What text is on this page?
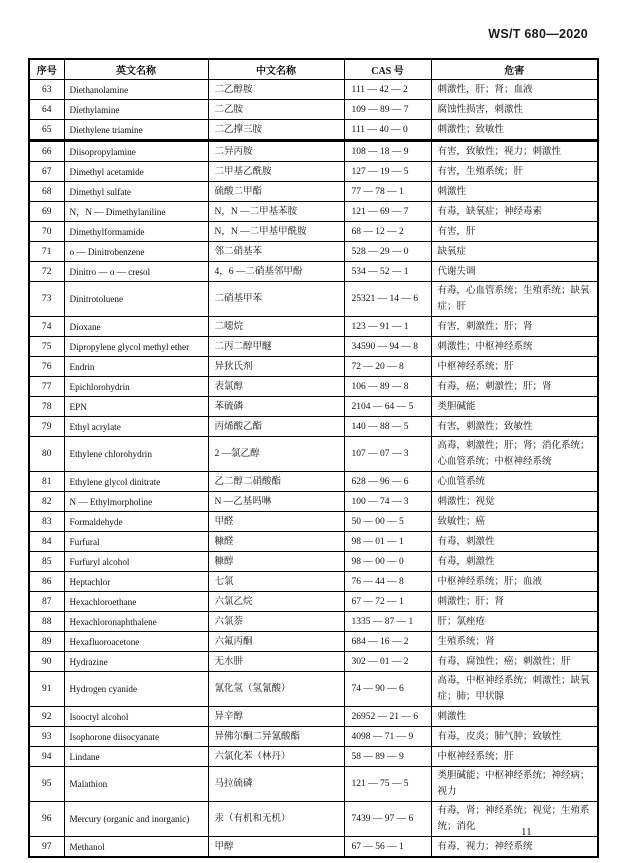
WS/T 680—2020
序号	英文名称	中文名称	CAS 号	危害
63	Diethanolamine	二乙醇胺	111 — 42 — 2	刺激性，肝；肾；血液
64	Diethylamine	二乙胺	109 — 89 — 7	腐蚀性损害，刺激性
65	Diethylene triamine	二乙撑三胺	111 — 40 — 0	刺激性；致敏性
66	Diisopropylamine	二异丙胺	108 — 18 — 9	有害，致敏性；视力；刺激性
67	Dimethyl acetamide	二甲基乙酰胺	127 — 19 — 5	有害，生殖系统；肝
68	Dimethyl sulfate	硫酸二甲酯	77 — 78 — 1	刺激性
69	N，N — Dimethylaniline	N，N —二甲基苯胺	121 — 69 — 7	有毒，缺氧症；神经毒素
70	Dimethylformamide	N，N —二甲基甲酰胺	68 — 12 — 2	有害，肝
71	o — Dinitrobenzene	邻二硝基苯	528 — 29 — 0	缺氧症
72	Dinitro — o — cresol	4，6 —二硝基邻甲酚	534 — 52 — 1	代谢失调
73	Dinitrotoluene	二硝基甲苯	25321 — 14 — 6	有毒，心血管系统；生殖系统；缺氧症；肝
74	Dioxane	二噁烷	123 — 91 — 1	有害，刺激性；肝；肾
75	Dipropylene glycol methyl ether	二丙二醇甲醚	34590 — 94 — 8	刺激性；中枢神经系统
76	Endrin	异狄氏剂	72 — 20 — 8	中枢神经系统；肝
77	Epichlorohydrin	表氯醇	106 — 89 — 8	有毒，癌；刺激性；肝；肾
78	EPN	苯硫磷	2104 — 64 — 5	类胆碱能
79	Ethyl acrylate	丙烯酸乙酯	140 — 88 — 5	有害，刺激性；致敏性
80	Ethylene chlorohydrin	2 —氯乙醇	107 — 07 — 3	高毒，刺激性；肝；肾；消化系统；心血管系统；中枢神经系统
81	Ethylene glycol dinitrate	乙二醇二硝酸酯	628 — 96 — 6	心血管系统
82	N — Ethylmorpholine	N —乙基吗啉	100 — 74 — 3	刺激性；视觉
83	Formaldehyde	甲醛	50 — 00 — 5	致敏性；癌
84	Furfural	糠醛	98 — 01 — 1	有毒，刺激性
85	Furfuryl alcohol	糠醇	98 — 00 — 0	有毒，刺激性
86	Heptachlor	七氯	76 — 44 — 8	中枢神经系统；肝；血液
87	Hexachloroethane	六氯乙烷	67 — 72 — 1	刺激性；肝；肾
88	Hexachloronaphthalene	六氯萘	1335 — 87 — 1	肝；氯痤疮
89	Hexafluoroacetone	六氟丙酮	684 — 16 — 2	生殖系统；肾
90	Hydrazine	无水肼	302 — 01 — 2	有毒，腐蚀性；癌；刺激性；肝
91	Hydrogen cyanide	氰化氢（氢氰酸）	74 — 90 — 6	高毒，中枢神经系统；刺激性；缺氧症；肺；甲状腺
92	Isooctyl alcohol	异辛醇	26952 — 21 — 6	刺激性
93	Isophorone diisocyanate	异佛尔酮二异氰酸酯	4098 — 71 — 9	有毒，皮炎；肺气肿；致敏性
94	Lindane	六氯化苯（林丹）	58 — 89 — 9	中枢神经系统；肝
95	Malathion	马拉硫磷	121 — 75 — 5	类胆碱能；中枢神经系统；神经病；视力
96	Mercury (organic and inorganic)	汞（有机和无机）	7439 — 97 — 6	有毒，肾；神经系统；视觉；生殖系统；消化
97	Methanol	甲醇	67 — 56 — 1	有毒，视力；神经系统
11
